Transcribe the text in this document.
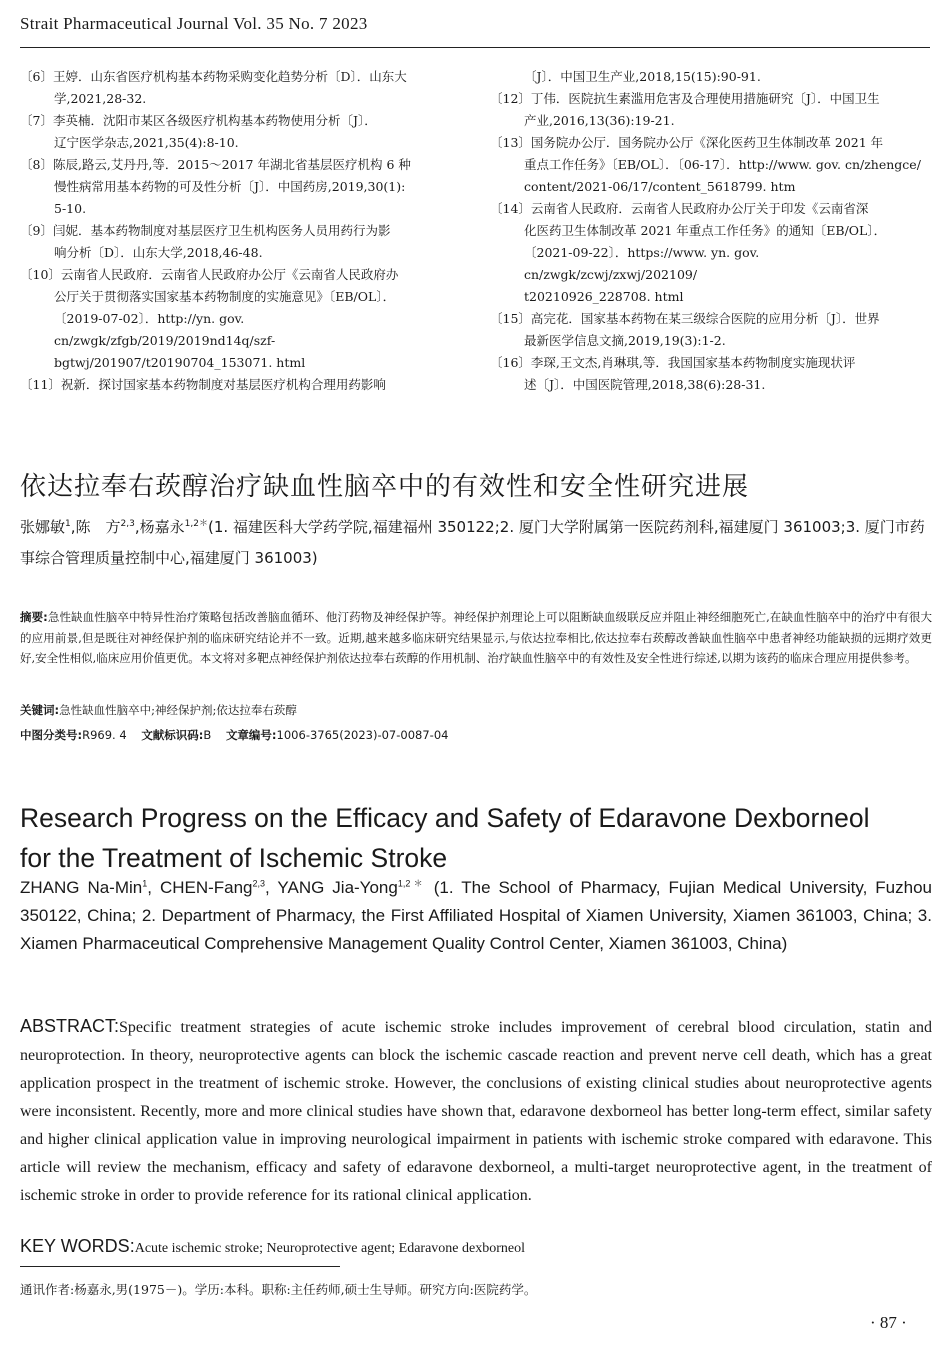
Strait Pharmaceutical Journal Vol. 35 No. 7 2023

〔6〕王婷．山东省医疗机构基本药物采购变化趋势分析〔D〕．山东大

学,2021,28-32.

〔7〕李英楠．沈阳市某区各级医疗机构基本药物使用分析〔J〕．

辽宁医学杂志,2021,35(4):8-10.

〔8〕陈辰,路云,艾丹丹,等．2015～2017 年湖北省基层医疗机构 6 种

慢性病常用基本药物的可及性分析〔J〕．中国药房,2019,30(1):

5-10.

〔9〕闫妮．基本药物制度对基层医疗卫生机构医务人员用药行为影

响分析〔D〕．山东大学,2018,46-48.

〔10〕云南省人民政府．云南省人民政府办公厅《云南省人民政府办

公厅关于贯彻落实国家基本药物制度的实施意见》〔EB/OL〕．

〔2019-07-02〕．http://yn. gov. cn/zwgk/zfgb/2019/2019nd14q/szf-

bgtwj/201907/t20190704_153071. html

〔11〕祝新．探讨国家基本药物制度对基层医疗机构合理用药影响

〔J〕．中国卫生产业,2018,15(15):90-91.

〔12〕丁伟．医院抗生素滥用危害及合理使用措施研究〔J〕．中国卫生

产业,2016,13(36):19-21.

〔13〕国务院办公厅．国务院办公厅《深化医药卫生体制改革 2021 年

重点工作任务》〔EB/OL〕．〔06-17〕．http://www. gov. cn/zhengce/

content/2021-06/17/content_5618799. htm

〔14〕云南省人民政府．云南省人民政府办公厅关于印发《云南省深

化医药卫生体制改革 2021 年重点工作任务》的通知〔EB/OL〕．

〔2021-09-22〕．https://www. yn. gov. cn/zwgk/zcwj/zxwj/202109/

t20210926_228708. html

〔15〕高完花．国家基本药物在某三级综合医院的应用分析〔J〕．世界

最新医学信息文摘,2019,19(3):1-2.

〔16〕李琛,王文杰,肖琳琪,等．我国国家基本药物制度实施现状评

述〔J〕．中国医院管理,2018,38(6):28-31.

依达拉奉右莰醇治疗缺血性脑卒中的有效性和安全性研究进展
张娜敏$^1$,陈　方$^{2,3}$,杨嘉永$^{1,2*}$(1. 福建医科大学药学院,福建福州 350122;2. 厦门大学附属第一医院药剂科,福建厦门 361003;3. 厦门市药事综合管理质量控制中心,福建厦门 361003)
摘要:急性缺血性脑卒中特异性治疗策略包括改善脑血循环、他汀药物及神经保护等。神经保护剂理论上可以阻断缺血级联反应并阻止神经细胞死亡,在缺血性脑卒中的治疗中有很大的应用前景,但是既往对神经保护剂的临床研究结论并不一致。近期,越来越多临床研究结果显示,与依达拉奉相比,依达拉奉右莰醇改善缺血性脑卒中患者神经功能缺损的远期疗效更好,安全性相似,临床应用价值更优。本文将对多靶点神经保护剂依达拉奉右莰醇的作用机制、治疗缺血性脑卒中的有效性及安全性进行综述,以期为该药的临床合理应用提供参考。
关键词:急性缺血性脑卒中;神经保护剂;依达拉奉右莰醇
中图分类号:R969. 4 文献标识码:B 文章编号:1006-3765(2023)-07-0087-04
Research Progress on the Efficacy and Safety of Edaravone Dexborneol
for the Treatment of Ischemic Stroke
ZHANG Na-Min$^1$, CHEN-Fang$^{2,3}$, YANG Jia-Yong$^{1,2*}$ (1. The School of Pharmacy, Fujian Medical University, Fuzhou 350122, China; 2. Department of Pharmacy, the First Affiliated Hospital of Xiamen University, Xiamen 361003, China; 3. Xiamen Pharmaceutical Comprehensive Management Quality Control Center, Xiamen 361003, China)
ABSTRACT:Specific treatment strategies of acute ischemic stroke includes improvement of cerebral blood circulation, statin and neuroprotection. In theory, neuroprotective agents can block the ischemic cascade reaction and prevent nerve cell death, which has a great application prospect in the treatment of ischemic stroke. However, the conclusions of existing clinical studies about neuroprotective agents were inconsistent. Recently, more and more clinical studies have shown that, edaravone dexborneol has better long-term effect, similar safety and higher clinical application value in improving neurological impairment in patients with ischemic stroke compared with edaravone. This article will review the mechanism, efficacy and safety of edaravone dexborneol, a multi-target neuroprotective agent, in the treatment of ischemic stroke in order to provide reference for its rational clinical application.
KEY WORDS:Acute ischemic stroke; Neuroprotective agent; Edaravone dexborneol
通讯作者:杨嘉永,男(1975－)。学历:本科。职称:主任药师,硕士生导师。研究方向:医院药学。
· 87 ·
